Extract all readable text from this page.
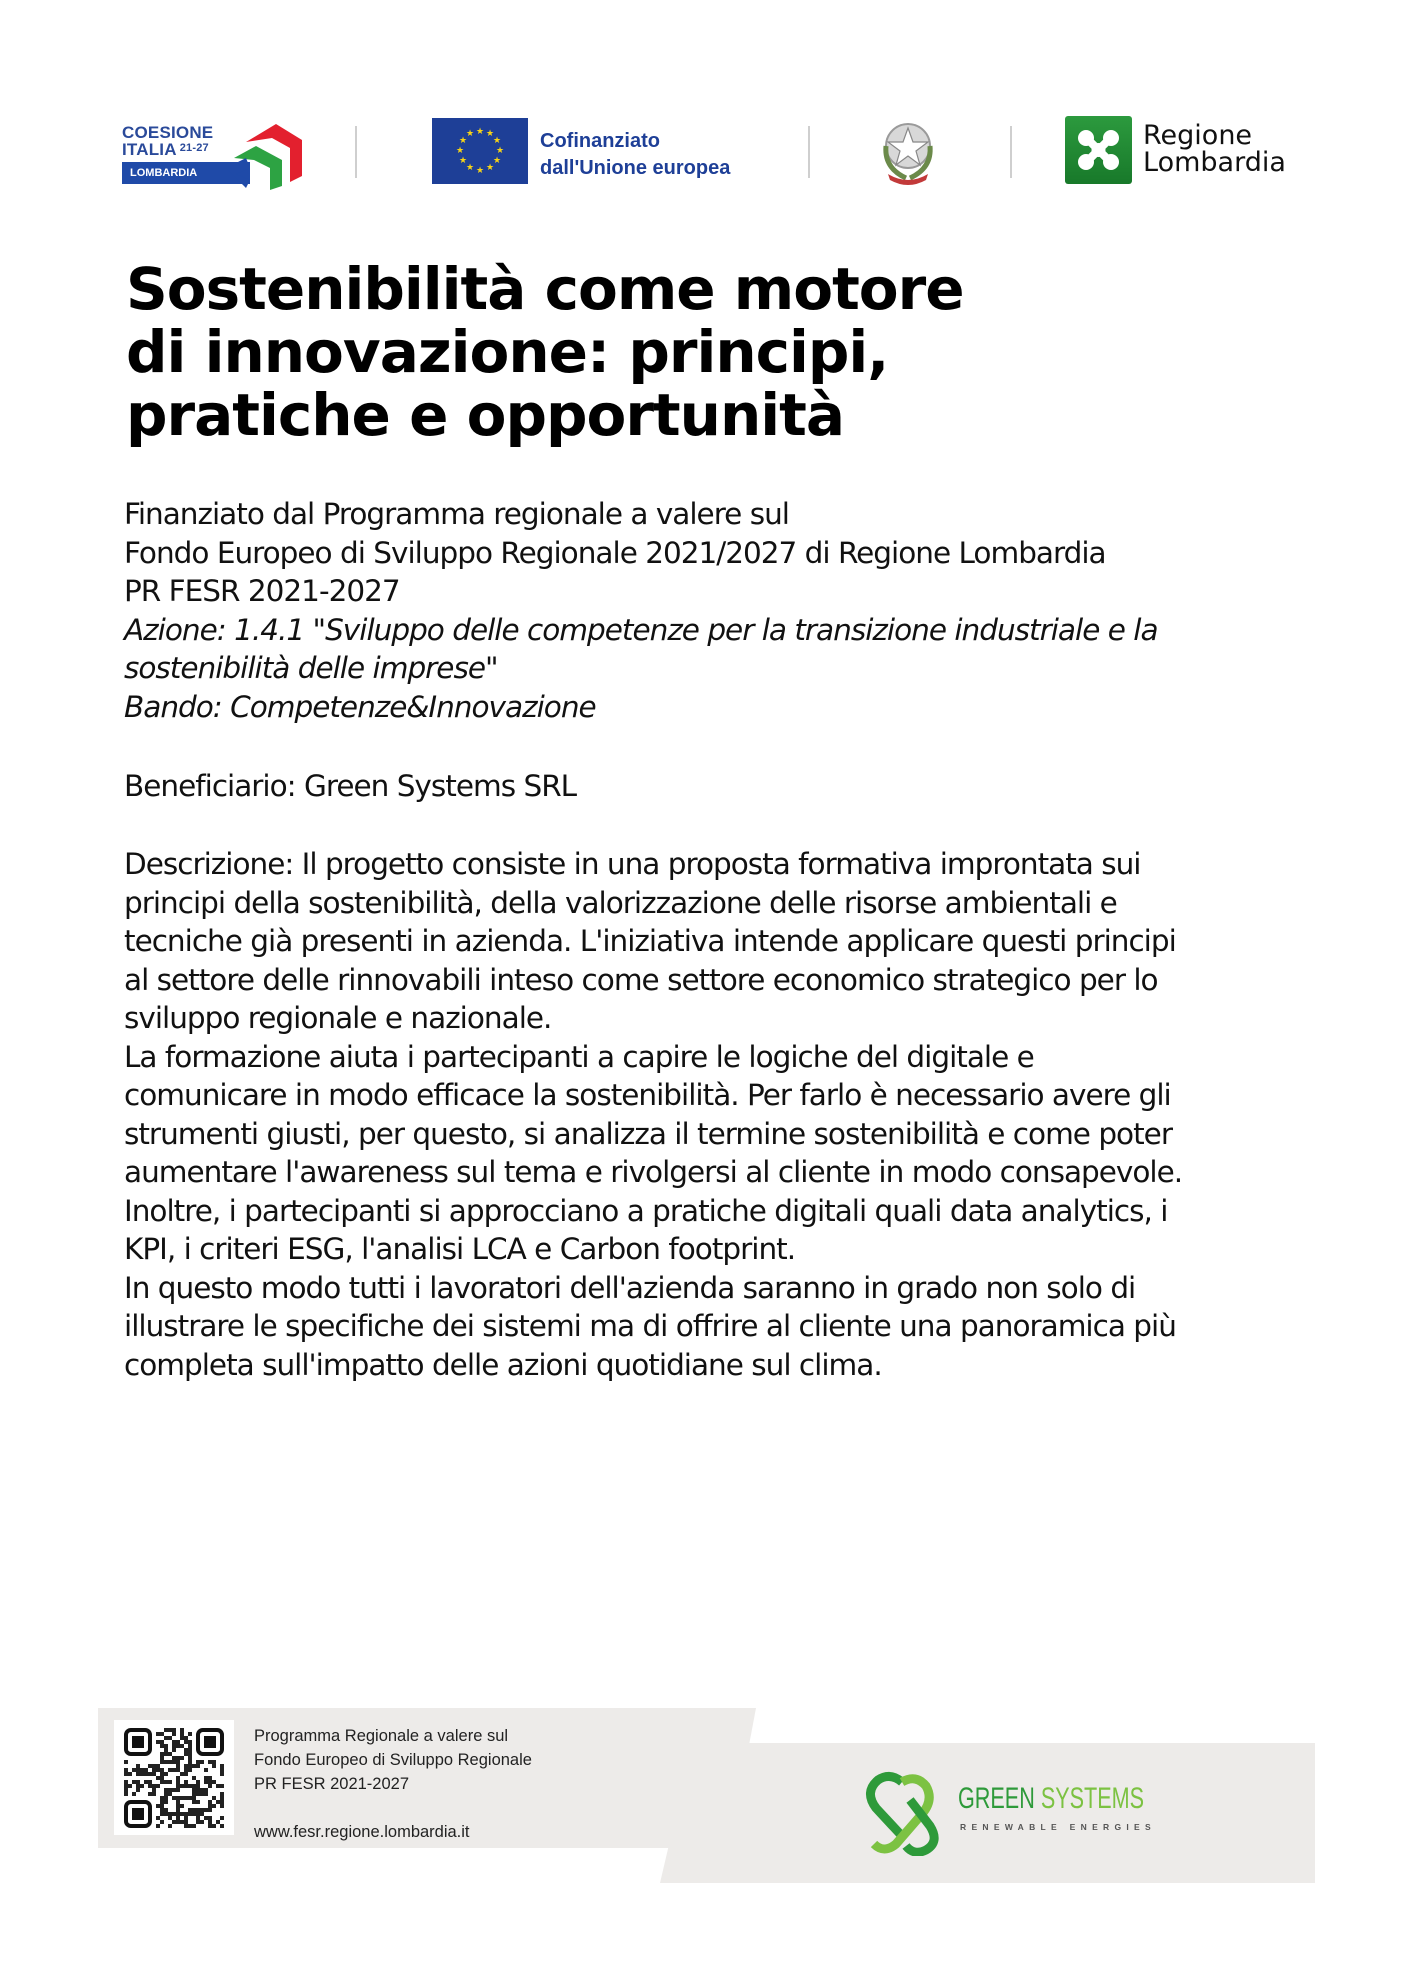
COESIONE
ITALIA $^{21-27}$
LOMBARDIA
★ ★
★
★
★
★
★
★
★
★
★
★	Cofinanziato
dall'Unione europea
Regione
Lombardia
Sostenibilità come motore
di innovazione: principi,
pratiche e opportunità
Finanziato dal Programma regionale a valere sul
Fondo Europeo di Sviluppo Regionale 2021/2027 di Regione Lombardia
PR FESR 2021-2027
Azione: 1.4.1 "Sviluppo delle competenze per la transizione industriale e la
sostenibilità delle imprese"
Bando: Competenze&Innovazione
Beneficiario: Green Systems SRL
Descrizione: Il progetto consiste in una proposta formativa improntata sui
principi della sostenibilità, della valorizzazione delle risorse ambientali e
tecniche già presenti in azienda. L'iniziativa intende applicare questi principi
al settore delle rinnovabili inteso come settore economico strategico per lo
sviluppo regionale e nazionale.
La formazione aiuta i partecipanti a capire le logiche del digitale e
comunicare in modo efficace la sostenibilità. Per farlo è necessario avere gli
strumenti giusti, per questo, si analizza il termine sostenibilità e come poter
aumentare l'awareness sul tema e rivolgersi al cliente in modo consapevole.
Inoltre, i partecipanti si approcciano a pratiche digitali quali data analytics, i
KPI, i criteri ESG, l'analisi LCA e Carbon footprint.
In questo modo tutti i lavoratori dell'azienda saranno in grado non solo di
illustrare le specifiche dei sistemi ma di offrire al cliente una panoramica più
completa sull'impatto delle azioni quotidiane sul clima.
Programma Regionale a valere sul
Fondo Europeo di Sviluppo Regionale
PR FESR 2021-2027
www.fesr.regione.lombardia.it
GREEN SYSTEMS
RENEWABLE ENERGIES
